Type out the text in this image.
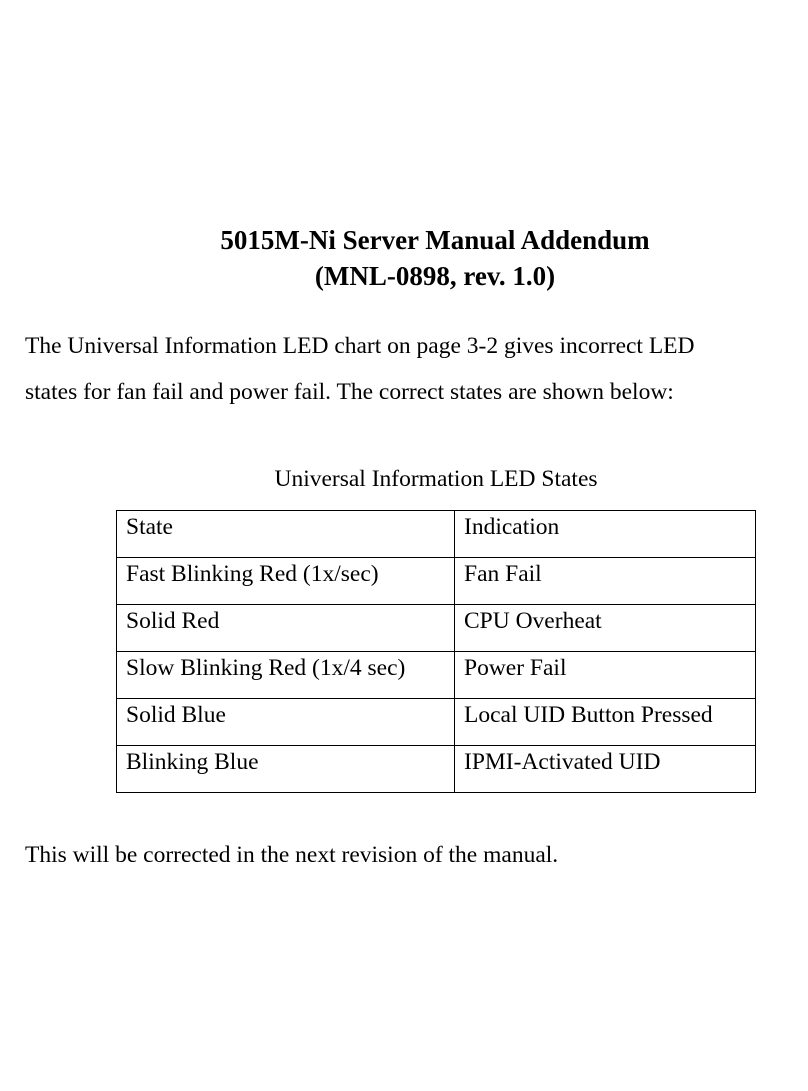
5015M-Ni Server Manual Addendum
(MNL-0898, rev. 1.0)
The Universal Information LED chart on page 3-2 gives incorrect LED
states for fan fail and power fail. The correct states are shown below:
Universal Information LED States
State	Indication
Fast Blinking Red (1x/sec)	Fan Fail
Solid Red	CPU Overheat
Slow Blinking Red (1x/4 sec)	Power Fail
Solid Blue	Local UID Button Pressed
Blinking Blue	IPMI-Activated UID
This will be corrected in the next revision of the manual.
